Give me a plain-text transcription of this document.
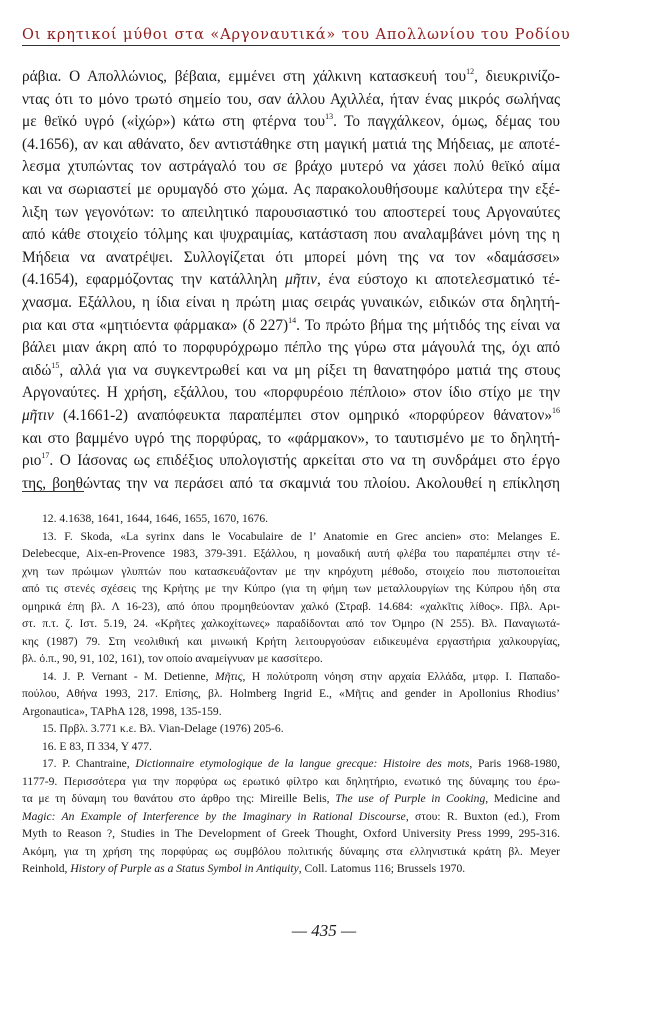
Οι κρητικοί μύθοι στα «Αργοναυτικά» του Απολλωνίου του Ροδίου
ράβια. Ο Απολλώνιος, βέβαια, εμμένει στη χάλκινη κατασκευή του$^{12}$, διευκρινίζο-
ντας ότι το μόνο τρωτό σημείο του, σαν άλλου Αχιλλέα, ήταν ένας μικρός σωλήνας
με θεϊκό υγρό («ἰχώρ») κάτω στη φτέρνα του$^{13}$. Το παγχάλκεον, όμως, δέμας του
(4.1656), αν και αθάνατο, δεν αντιστάθηκε στη μαγική ματιά της Μήδειας, με αποτέ-
λεσμα χτυπώντας τον αστράγαλό του σε βράχο μυτερό να χάσει πολύ θεϊκό αίμα
και να σωριαστεί με ορυμαγδό στο χώμα. Ας παρακολουθήσουμε καλύτερα την εξέ-
λιξη των γεγονότων: το απειλητικό παρουσιαστικό του αποστερεί τους Αργοναύτες
από κάθε στοιχείο τόλμης και ψυχραιμίας, κατάσταση που αναλαμβάνει μόνη της η
Μήδεια να ανατρέψει. Συλλογίζεται ότι μπορεί μόνη της να τον «δαμάσσει»
(4.1654), εφαρμόζοντας την κατάλληλη μῆτιν, ένα εύστοχο κι αποτελεσματικό τέ-
χνασμα. Εξάλλου, η ίδια είναι η πρώτη μιας σειράς γυναικών, ειδικών στα δηλητή-
ρια και στα «μητιόεντα φάρμακα» (δ 227)$^{14}$. Το πρώτο βήμα της μήτιδός της είναι να
βάλει μιαν άκρη από το πορφυρόχρωμο πέπλο της γύρω στα μάγουλά της, όχι από
αιδώ$^{15}$, αλλά για να συγκεντρωθεί και να μη ρίξει τη θανατηφόρο ματιά της στους
Αργοναύτες. Η χρήση, εξάλλου, του «πορφυρέοιο πέπλοιο» στον ίδιο στίχο με την
μῆτιν (4.1661-2) αναπόφευκτα παραπέμπει στον ομηρικό «πορφύρεον θάνατον»$^{16}$
και στο βαμμένο υγρό της πορφύρας, το «φάρμακον», το ταυτισμένο με το δηλητή-
ριο$^{17}$. Ο Ιάσονας ως επιδέξιος υπολογιστής αρκείται στο να τη συνδράμει στο έργο
της, βοηθώντας την να περάσει από τα σκαμνιά του πλοίου. Ακολουθεί η επίκληση
12. 4.1638, 1641, 1644, 1646, 1655, 1670, 1676.
13. F. Skoda, «La syrinx dans le Vocabulaire de l’ Anatomie en Grec ancien» στο: Melanges E.
Delebecque, Aix-en-Provence 1983, 379-391. Εξάλλου, η μοναδική αυτή φλέβα του παραπέμπει στην τέ-
χνη των πρώιμων γλυπτών που κατασκευάζονταν με την κηρόχυτη μέθοδο, στοιχείο που πιστοποιείται
από τις στενές σχέσεις της Κρήτης με την Κύπρο (για τη φήμη των μεταλλουργίων της Κύπρου ήδη στα
ομηρικά έπη βλ. Λ 16-23), από όπου προμηθεύονταν χαλκό (Στραβ. 14.684: «χαλκῖτις λίθος». Πβλ. Αρι-
στ. π.τ. ζ. Ιστ. 5.19, 24. «Κρῆτες χαλκοχίτωνες» παραδίδονται από τον Όμηρο (Ν 255). Βλ. Παναγιωτά-
κης (1987) 79. Στη νεολιθική και μινωική Κρήτη λειτουργούσαν ειδικευμένα εργαστήρια χαλκουργίας,
βλ. ό.π., 90, 91, 102, 161), τον οποίο αναμείγνυαν με κασσίτερο.
14. J. P. Vernant - M. Detienne, Μῆτις, Η πολύτροπη νόηση στην αρχαία Ελλάδα, μτφρ. Ι. Παπαδο-
πούλου, Αθήνα 1993, 217. Επίσης, βλ. Holmberg Ingrid E., «Μῆτις and gender in Apollonius Rhodius’
Argonautica», TAPhA 128, 1998, 135-159.
15. Πρβλ. 3.771 κ.ε. Βλ. Vian-Delage (1976) 205-6.
16. Ε 83, Π 334, Υ 477.
17. P. Chantraine, Dictionnaire etymologique de la langue grecque: Histoire des mots, Paris 1968-1980,
1177-9. Περισσότερα για την πορφύρα ως ερωτικό φίλτρο και δηλητήριο, ενωτικό της δύναμης του έρω-
τα με τη δύναμη του θανάτου στο άρθρο της: Mireille Belis, The use of Purple in Cooking, Medicine and
Magic: An Example of Interference by the Imaginary in Rational Discourse, στου: R. Buxton (ed.), From
Myth to Reason ?, Studies in The Development of Greek Thought, Oxford University Press 1999, 295-316.
Ακόμη, για τη χρήση της πορφύρας ως συμβόλου πολιτικής δύναμης στα ελληνιστικά κράτη βλ. Meyer
Reinhold, History of Purple as a Status Symbol in Antiquity, Coll. Latomus 116; Brussels 1970.
— 435 —
